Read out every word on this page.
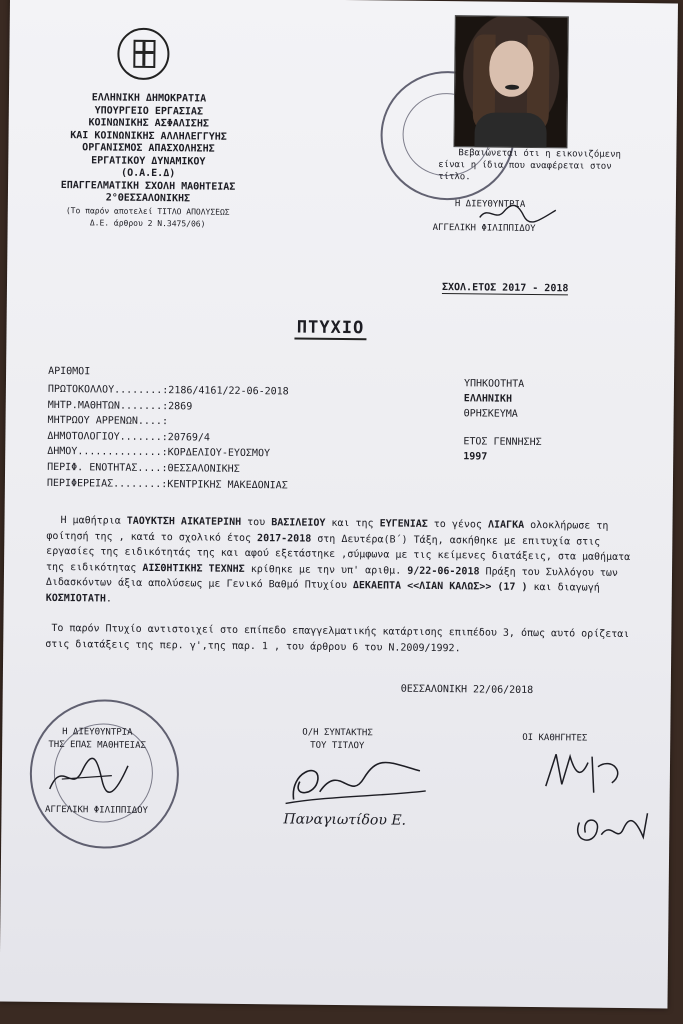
ΕΛΛΗΝΙΚΗ ΔΗΜΟΚΡΑΤΙΑ
ΥΠΟΥΡΓΕΙΟ ΕΡΓΑΣΙΑΣ
ΚΟΙΝΩΝΙΚΗΣ ΑΣΦΑΛΙΣΗΣ
ΚΑΙ ΚΟΙΝΩΝΙΚΗΣ ΑΛΛΗΛΕΓΓΥΗΣ
ΟΡΓΑΝΙΣΜΟΣ ΑΠΑΣΧΟΛΗΣΗΣ
ΕΡΓΑΤΙΚΟΥ ΔΥΝΑΜΙΚΟΥ
(Ο.Α.Ε.Δ)
ΕΠΑΓΓΕΛΜΑΤΙΚΗ ΣΧΟΛΗ ΜΑΘΗΤΕΙΑΣ
2°ΘΕΣΣΑΛΟΝΙΚΗΣ
(Το παρόν αποτελεί ΤΙΤΛΟ ΑΠΟΛΥΣΕΩΣ
Δ.Ε. άρθρου 2 Ν.3475/06)
Βεβαιώνεται ότι η εικονιζόμενη
είναι η ίδια που αναφέρεται στον
τίτλο.
Η ΔΙΕΥΘΥΝΤΡΙΑ
ΑΓΓΕΛΙΚΗ ΦΙΛΙΠΠΙΔΟΥ
ΣΧΟΛ.ΕΤΟΣ 2017 - 2018
ΠΤΥΧΙΟ
ΑΡΙΘΜΟΙ
ΠΡΩΤΟΚΟΛΛΟΥ........:2186/4161/22-06-2018
ΜΗΤΡ.ΜΑΘΗΤΩΝ.......:2869
ΜΗΤΡΩΟΥ ΑΡΡΕΝΩΝ....:
ΔΗΜΟΤΟΛΟΓΙΟΥ.......:20769/4
ΔΗΜΟΥ..............:ΚΟΡΔΕΛΙΟΥ-ΕΥΟΣΜΟΥ
ΠΕΡΙΦ. ΕΝΟΤΗΤΑΣ....:ΘΕΣΣΑΛΟΝΙΚΗΣ
ΠΕΡΙΦΕΡΕΙΑΣ........:ΚΕΝΤΡΙΚΗΣ ΜΑΚΕΔΟΝΙΑΣ
ΥΠΗΚΟΟΤΗΤΑ
ΕΛΛΗΝΙΚΗ
ΘΡΗΣΚΕΥΜΑ
ΕΤΟΣ ΓΕΝΝΗΣΗΣ
1997

Η μαθήτρια ΤΑΟΥΚΤΣΗ ΑΙΚΑΤΕΡΙΝΗ του ΒΑΣΙΛΕΙΟΥ και της ΕΥΓΕΝΙΑΣ το γένος ΛΙΑΓΚΑ ολοκλήρωσε τη φοίτησή της , κατά το σχολικό έτος 2017-2018 στη Δευτέρα(Β΄) Τάξη, ασκήθηκε με επιτυχία στις εργασίες της ειδικότητάς της και αφού εξετάστηκε ,σύμφωνα με τις κείμενες διατάξεις, στα μαθήματα της ειδικότητας ΑΙΣΘΗΤΙΚΗΣ ΤΕΧΝΗΣ κρίθηκε με την υπ' αριθμ. 9/22-06-2018 Πράξη του Συλλόγου των Διδασκόντων άξια απολύσεως με Γενικό Βαθμό Πτυχίου ΔΕΚΑΕΠΤΑ <<ΛΙΑΝ ΚΑΛΩΣ>> (17 ) και διαγωγή ΚΟΣΜΙΟΤΑΤΗ.

Το παρόν Πτυχίο αντιστοιχεί στο επίπεδο επαγγελματικής κατάρτισης επιπέδου 3, όπως αυτό ορίζεται στις διατάξεις της περ. γ',της παρ. 1 , του άρθρου 6 του Ν.2009/1992.

ΘΕΣΣΑΛΟΝΙΚΗ 22/06/2018
Η ΔΙΕΥΘΥΝΤΡΙΑ
ΤΗΣ ΕΠΑΣ ΜΑΘΗΤΕΙΑΣ
ΑΓΓΕΛΙΚΗ ΦΙΛΙΠΠΙΔΟΥ
Ο/Η ΣΥΝΤΑΚΤΗΣ
ΤΟΥ ΤΙΤΛΟΥ
Παναγιωτίδου Ε.
ΟΙ ΚΑΘΗΓΗΤΕΣ
